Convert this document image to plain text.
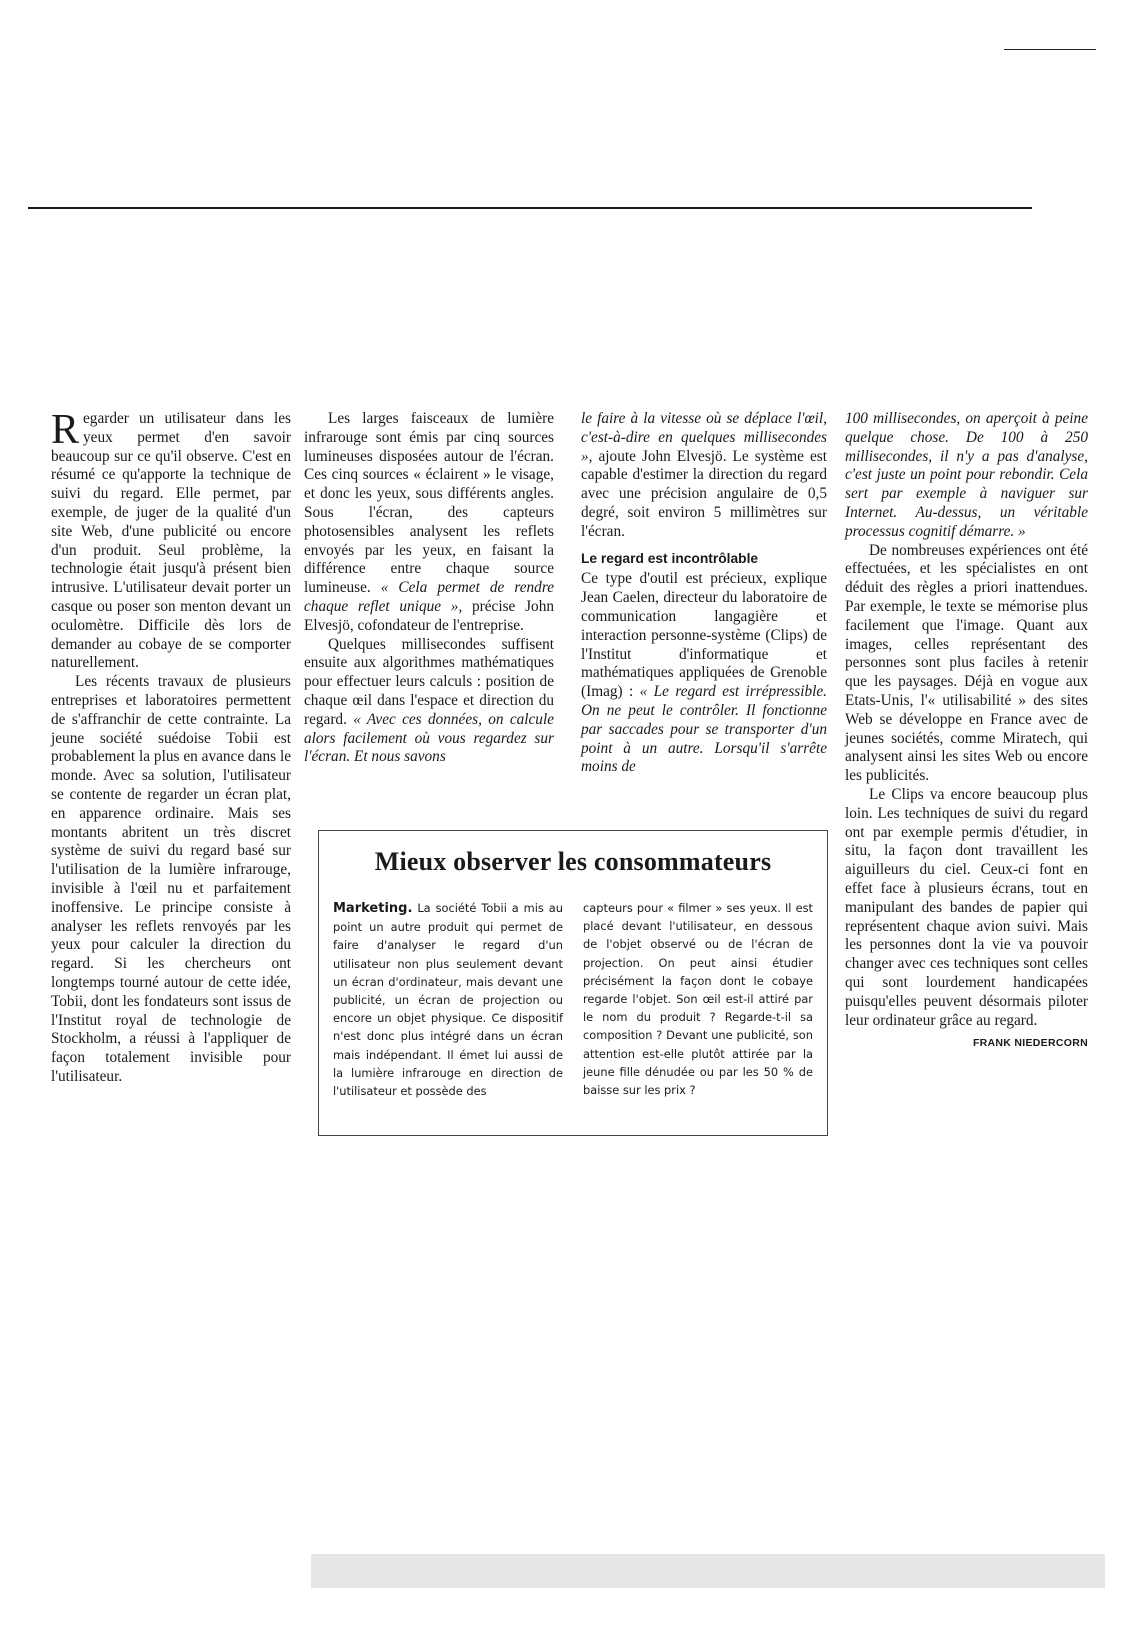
Regarder un utilisateur dans les yeux permet d'en savoir beaucoup sur ce qu'il observe. C'est en résumé ce qu'apporte la technique de suivi du regard. Elle permet, par exemple, de juger de la qualité d'un site Web, d'une publicité ou encore d'un produit. Seul problème, la technologie était jusqu'à présent bien intrusive. L'utilisateur devait porter un casque ou poser son menton devant un oculomètre. Difficile dès lors de demander au cobaye de se comporter naturellement.

Les récents travaux de plusieurs entreprises et laboratoires permettent de s'affranchir de cette contrainte. La jeune société suédoise Tobii est probablement la plus en avance dans le monde. Avec sa solution, l'utilisateur se contente de regarder un écran plat, en apparence ordinaire. Mais ses montants abritent un très discret système de suivi du regard basé sur l'utilisation de la lumière infrarouge, invisible à l'œil nu et parfaitement inoffensive. Le principe consiste à analyser les reflets renvoyés par les yeux pour calculer la direction du regard. Si les chercheurs ont longtemps tourné autour de cette idée, Tobii, dont les fondateurs sont issus de l'Institut royal de technologie de Stockholm, a réussi à l'appliquer de façon totalement invisible pour l'utilisateur.

Les larges faisceaux de lumière infrarouge sont émis par cinq sources lumineuses disposées autour de l'écran. Ces cinq sources « éclairent » le visage, et donc les yeux, sous différents angles. Sous l'écran, des capteurs photosensibles analysent les reflets envoyés par les yeux, en faisant la différence entre chaque source lumineuse. « Cela permet de rendre chaque reflet unique », précise John Elvesjö, cofondateur de l'entreprise.

Quelques millisecondes suffisent ensuite aux algorithmes mathématiques pour effectuer leurs calculs : position de chaque œil dans l'espace et direction du regard. « Avec ces données, on calcule alors facilement où vous regardez sur l'écran. Et nous savons

le faire à la vitesse où se déplace l'œil, c'est-à-dire en quelques millisecondes », ajoute John Elvesjö. Le système est capable d'estimer la direction du regard avec une précision angulaire de 0,5 degré, soit environ 5 millimètres sur l'écran.

Le regard est incontrôlable

Ce type d'outil est précieux, explique Jean Caelen, directeur du laboratoire de communication langagière et interaction personne-système (Clips) de l'Institut d'informatique et mathématiques appliquées de Grenoble (Imag) : « Le regard est irrépressible. On ne peut le contrôler. Il fonctionne par saccades pour se transporter d'un point à un autre. Lorsqu'il s'arrête moins de

100 millisecondes, on aperçoit à peine quelque chose. De 100 à 250 millisecondes, il n'y a pas d'analyse, c'est juste un point pour rebondir. Cela sert par exemple à naviguer sur Internet. Au-dessus, un véritable processus cognitif démarre. »

De nombreuses expériences ont été effectuées, et les spécialistes en ont déduit des règles a priori inattendues. Par exemple, le texte se mémorise plus facilement que l'image. Quant aux images, celles représentant des personnes sont plus faciles à retenir que les paysages. Déjà en vogue aux Etats-Unis, l'« utilisabilité » des sites Web se développe en France avec de jeunes sociétés, comme Miratech, qui analysent ainsi les sites Web ou encore les publicités.

Le Clips va encore beaucoup plus loin. Les techniques de suivi du regard ont par exemple permis d'étudier, in situ, la façon dont travaillent les aiguilleurs du ciel. Ceux-ci font en effet face à plusieurs écrans, tout en manipulant des bandes de papier qui représentent chaque avion suivi. Mais les personnes dont la vie va pouvoir changer avec ces techniques sont celles qui sont lourdement handicapées puisqu'elles peuvent désormais piloter leur ordinateur grâce au regard.

FRANK NIEDERCORN

Mieux observer les consommateurs

Marketing. La société Tobii a mis au point un autre produit qui permet de faire d'analyser le regard d'un utilisateur non plus seulement devant un écran d'ordinateur, mais devant une publicité, un écran de projection ou encore un objet physique. Ce dispositif n'est donc plus intégré dans un écran mais indépendant. Il émet lui aussi de la lumière infrarouge en direction de l'utilisateur et possède des

capteurs pour « filmer » ses yeux. Il est placé devant l'utilisateur, en dessous de l'objet observé ou de l'écran de projection. On peut ainsi étudier précisément la façon dont le cobaye regarde l'objet. Son œil est-il attiré par le nom du produit ? Regarde-t-il sa composition ? Devant une publicité, son attention est-elle plutôt attirée par la jeune fille dénudée ou par les 50 % de baisse sur les prix ?
